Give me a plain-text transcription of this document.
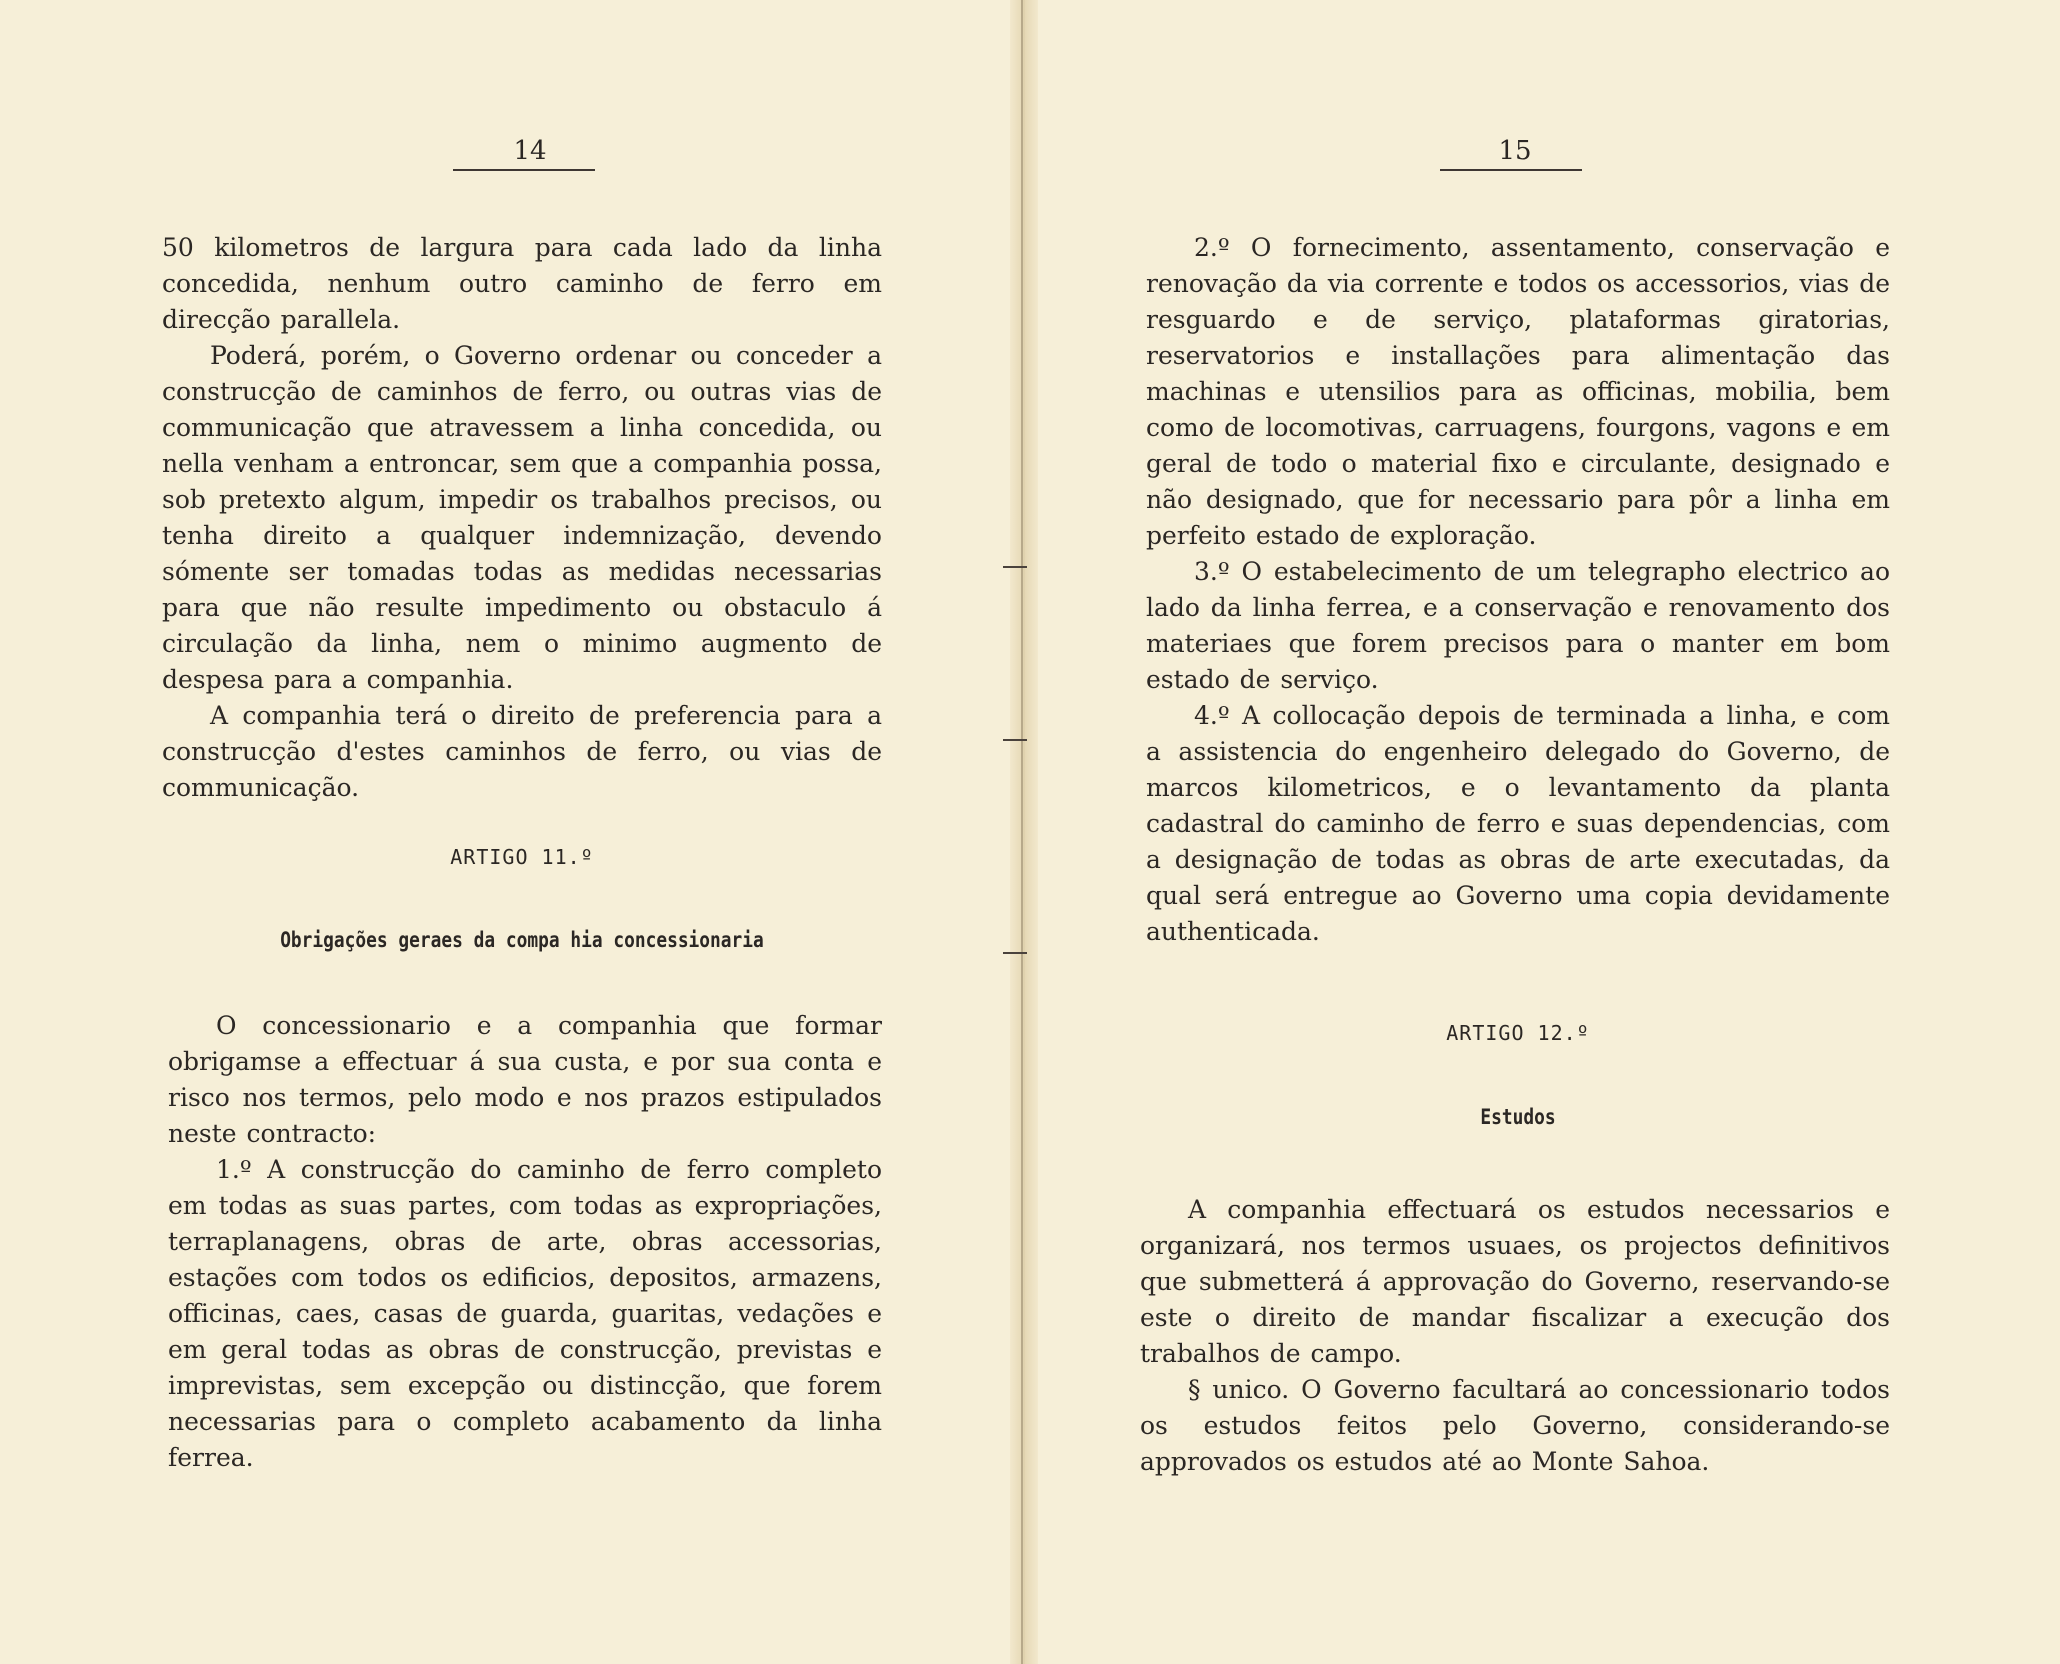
14

50 kilometros de largura para cada lado da linha concedida, nenhum outro caminho de ferro em direcção parallela.

Poderá, porém, o Governo ordenar ou conceder a construcção de caminhos de ferro, ou outras vias de communicação que atravessem a linha concedida, ou nella venham a entroncar, sem que a companhia possa, sob pretexto algum, impedir os trabalhos precisos, ou tenha direito a qualquer indemnização, devendo sómente ser tomadas todas as medidas necessarias para que não resulte impedimento ou obstaculo á circulação da linha, nem o minimo augmento de despesa para a companhia.

A companhia terá o direito de preferencia para a construcção d'estes caminhos de ferro, ou vias de communicação.

ARTIGO 11.º
Obrigações geraes da compa hia concessionaria

O concessionario e a companhia que formar obrigamse a effectuar á sua custa, e por sua conta e risco nos termos, pelo modo e nos prazos estipulados neste contracto:

1.º A construcção do caminho de ferro completo em todas as suas partes, com todas as expropriações, terraplanagens, obras de arte, obras accessorias, estações com todos os edificios, depositos, armazens, officinas, caes, casas de guarda, guaritas, vedações e em geral todas as obras de construcção, previstas e imprevistas, sem excepção ou distincção, que forem necessarias para o completo acabamento da linha ferrea.

15

2.º O fornecimento, assentamento, conservação e renovação da via corrente e todos os accessorios, vias de resguardo e de serviço, plataformas giratorias, reservatorios e installações para alimentação das machinas e utensilios para as officinas, mobilia, bem como de locomotivas, carruagens, fourgons, vagons e em geral de todo o material fixo e circulante, designado e não designado, que for necessario para pôr a linha em perfeito estado de exploração.

3.º O estabelecimento de um telegrapho electrico ao lado da linha ferrea, e a conservação e renovamento dos materiaes que forem precisos para o manter em bom estado de serviço.

4.º A collocação depois de terminada a linha, e com a assistencia do engenheiro delegado do Governo, de marcos kilometricos, e o levantamento da planta cadastral do caminho de ferro e suas dependencias, com a designação de todas as obras de arte executadas, da qual será entregue ao Governo uma copia devidamente authenticada.

ARTIGO 12.º
Estudos

A companhia effectuará os estudos necessarios e organizará, nos termos usuaes, os projectos definitivos que submetterá á approvação do Governo, reservando-se este o direito de mandar fiscalizar a execução dos trabalhos de campo.

§ unico. O Governo facultará ao concessionario todos os estudos feitos pelo Governo, considerando-se approvados os estudos até ao Monte Sahoa.
